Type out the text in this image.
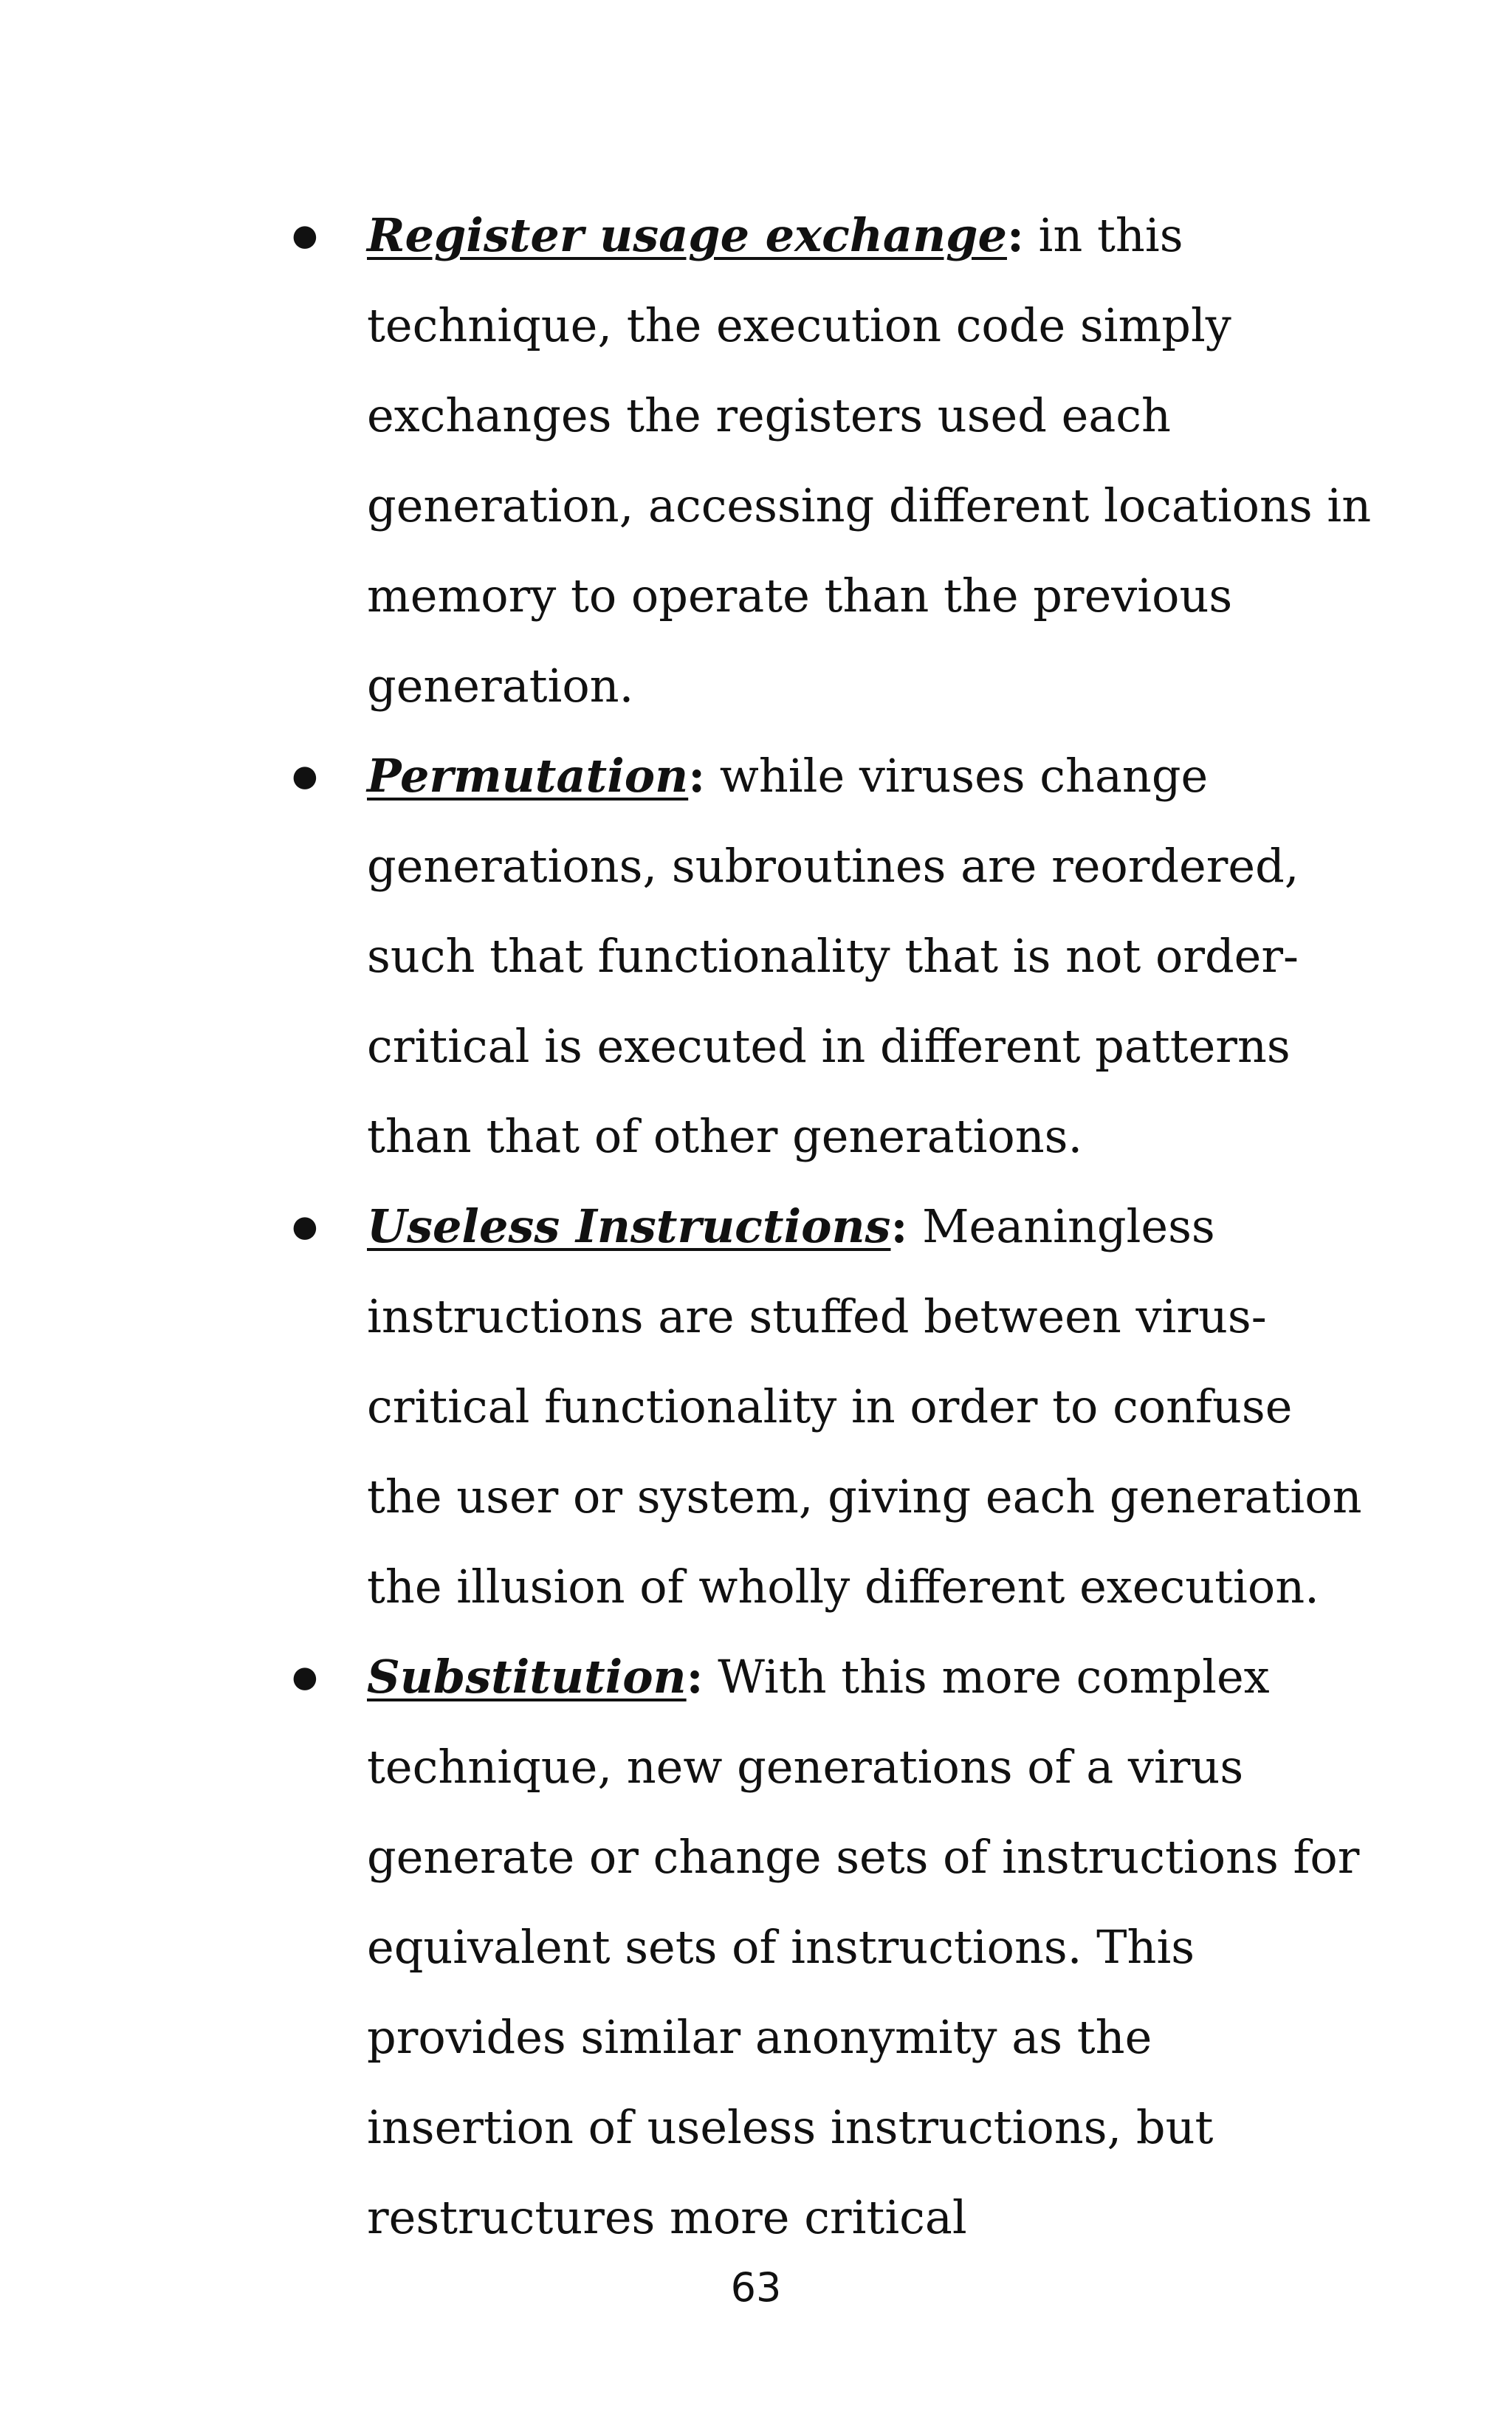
● Register usage exchange: in this technique, the execution code simply exchanges the registers used each generation, accessing different locations in memory to operate than the previous generation.
● Permutation: while viruses change generations, subroutines are reordered, such that functionality that is not order-critical is executed in different patterns than that of other generations.
● Useless Instructions: Meaningless instructions are stuffed between virus-critical functionality in order to confuse the user or system, giving each generation the illusion of wholly different execution.
● Substitution: With this more complex technique, new generations of a virus generate or change sets of instructions for equivalent sets of instructions. This provides similar anonymity as the insertion of useless instructions, but restructures more critical
63
